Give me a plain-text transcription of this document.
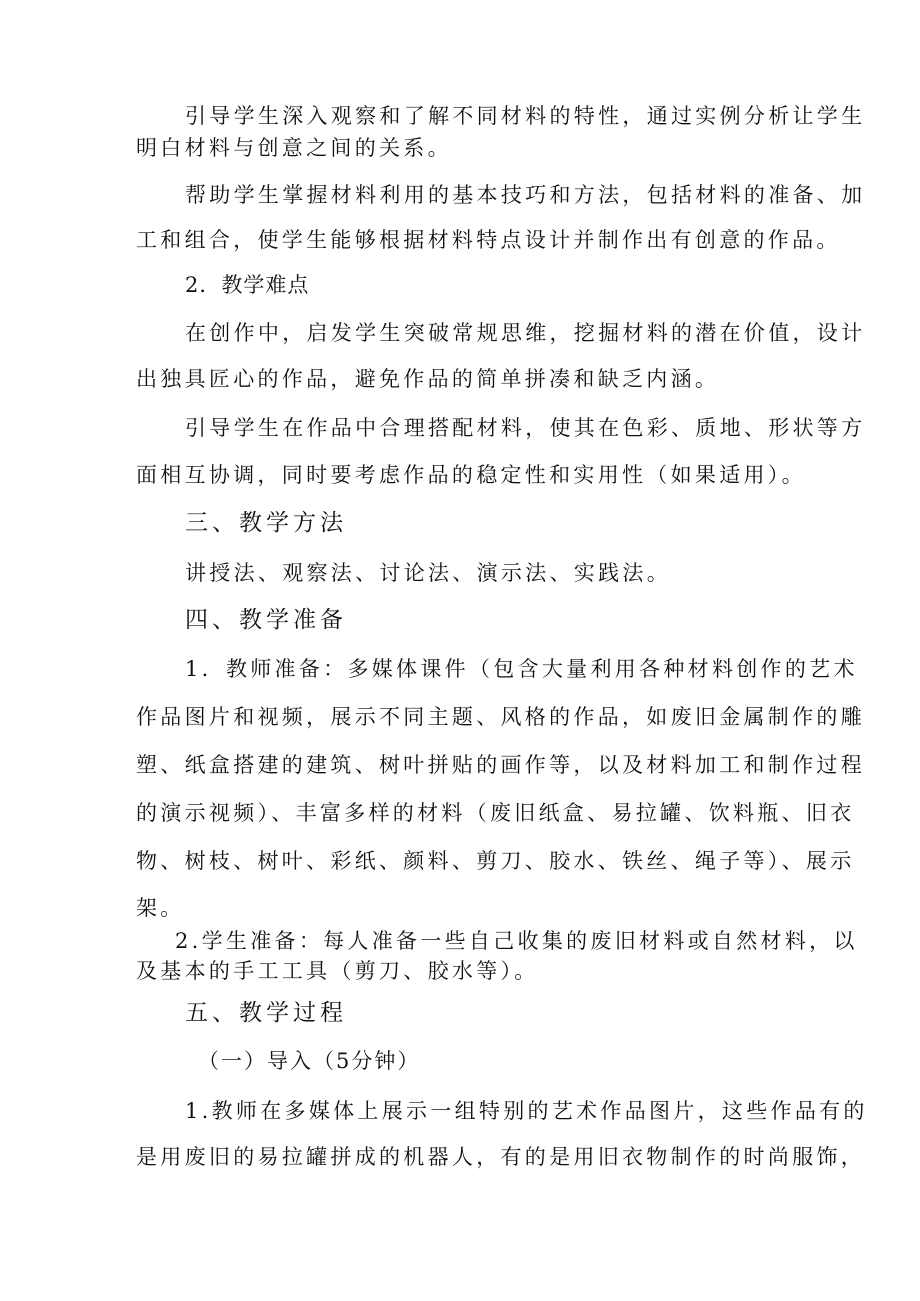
引导学生深入观察和了解不同材料的特性，通过实例分析让学生
明白材料与创意之间的关系。
帮助学生掌握材料利用的基本技巧和方法，包括材料的准备、加
工和组合，使学生能够根据材料特点设计并制作出有创意的作品。
2．教学难点
在创作中，启发学生突破常规思维，挖掘材料的潜在价值，设计
出独具匠心的作品，避免作品的简单拼凑和缺乏内涵。
引导学生在作品中合理搭配材料，使其在色彩、质地、形状等方
面相互协调，同时要考虑作品的稳定性和实用性（如果适用）。
三、教学方法
讲授法、观察法、讨论法、演示法、实践法。
四、教学准备
1．教师准备：多媒体课件（包含大量利用各种材料创作的艺术
作品图片和视频，展示不同主题、风格的作品，如废旧金属制作的雕
塑、纸盒搭建的建筑、树叶拼贴的画作等，以及材料加工和制作过程
的演示视频）、丰富多样的材料（废旧纸盒、易拉罐、饮料瓶、旧衣
物、树枝、树叶、彩纸、颜料、剪刀、胶水、铁丝、绳子等）、展示
架。
2.学生准备：每人准备一些自己收集的废旧材料或自然材料，以
及基本的手工工具（剪刀、胶水等）。
五、教学过程
（一）导入（5分钟）
1.教师在多媒体上展示一组特别的艺术作品图片，这些作品有的
是用废旧的易拉罐拼成的机器人，有的是用旧衣物制作的时尚服饰，
